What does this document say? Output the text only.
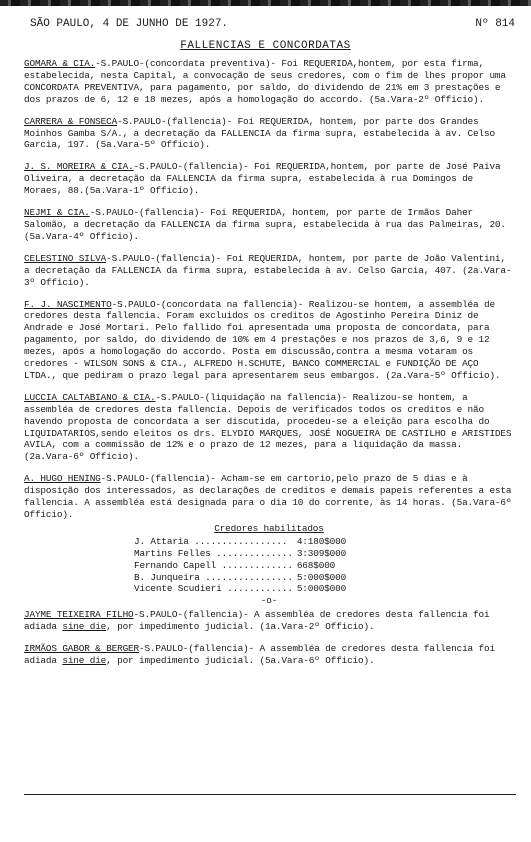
SÃO PAULO, 4 DE JUNHO DE 1927.	Nº 814
FALLENCIAS E CONCORDATAS

GOMARA & CIA.-S.PAULO-(concordata preventiva)- Foi REQUERIDA,hontem, por esta firma, estabelecida, nesta Capital, a convocação de seus credores, com o fim de lhes propor uma CONCORDATA PREVENTIVA, para pagamento, por saldo, do dividendo de 21% em 3 prestações e dos prazos de 6, 12 e 18 mezes, após a homologação do accordo. (5a.Vara-2º Officio).

CARRERA & FONSECA-S.PAULO-(fallencia)- Foi REQUERIDA, hontem, por parte dos Grandes Moinhos Gamba S/A., a decretação da FALLENCIA da firma supra, estabelecida à av. Celso Garcia, 197. (5a.Vara-5º Officio).

J. S. MOREIRA & CIA.-S.PAULO-(fallencia)- Foi REQUERIDA,hontem, por parte de José Paiva Oliveira, a decretação da FALLENCIA da firma supra, estabelecida à rua Domingos de Moraes, 88.(5a.Vara-1º Officio).

NEJMI & CIA.-S.PAULO-(fallencia)- Foi REQUERIDA, hontem, por parte de Irmãos Daher Salomão, a decretação da FALLENCIA da firma supra, estabelecida à rua das Palmeiras, 20. (5a.Vara-4º Officio).

CELESTINO SILVA-S.PAULO-(fallencia)- Foi REQUERIDA, hontem, por parte de João Valentini, a decretação da FALLENCIA da firma supra, estabelecida à av. Celso Garcia, 407. (2a.Vara-3º Officio).

F. J. NASCIMENTO-S.PAULO-(concordata na fallencia)- Realizou-se hontem, a assembléa de credores desta fallencia. Foram excluidos os creditos de Agostinho Pereira Diniz de Andrade e José Mortari. Pelo fallido foi apresentada uma proposta de concordata, para pagamento, por saldo, do dividendo de 10% em 4 prestações e nos prazos de 3,6, 9 e 12 mezes, após a homologação do accordo. Posta em discussão,contra a mesma votaram os credores - WILSON SONS & CIA., ALFREDO H.SCHUTE, BANCO COMMERCIAL e FUNDIÇÃO DE AÇO LTDA., que pediram o prazo legal para apresentarem seus embargos. (2a.Vara-5º Officio).

LUCCIA CALTABIANO & CIA.-S.PAULO-(liquidação na fallencia)- Realizou-se hontem, a assembléa de credores desta fallencia. Depois de verificados todos os creditos e não havendo proposta de concordata a ser discutida, procedeu-se a eleição para escolha do LIQUIDATARIOS,sendo eleitos os drs. ELYDIO MARQUES, JOSÉ NOGUEIRA DE CASTILHO e ARISTIDES AVILA, com a commissão de 12% e o prazo de 12 mezes, para a liquidação da massa. (2a.Vara-6º Officio).

A. HUGO HENING-S.PAULO-(fallencia)- Acham-se em cartorio,pelo prazo de 5 dias e à disposição dos interessados, as declarações de creditos e demais papeis referentes a esta fallencia. A assembléa está designada para o dia 10 do corrente, às 14 horas. (5a.Vara-6º Officio).

Credores habilitados

J. Attaria .................	4:180$000
Martins Felles ..............	3:309$000
Fernando Capell .............	668$000
B. Junqueira ................	5:000$000
Vicente Scudieri ............	5:000$000

-o-

JAYME TEIXEIRA FILHO-S.PAULO-(fallencia)- A assembléa de credores desta fallencia foi adiada sine die, por impedimento judicial. (1a.Vara-2º Officio).

IRMÃOS GABOR & BERGER-S.PAULO-(fallencia)- A assembléa de credores desta fallencia foi adiada sine die, por impedimento judicial. (5a.Vara-6º Officio).
